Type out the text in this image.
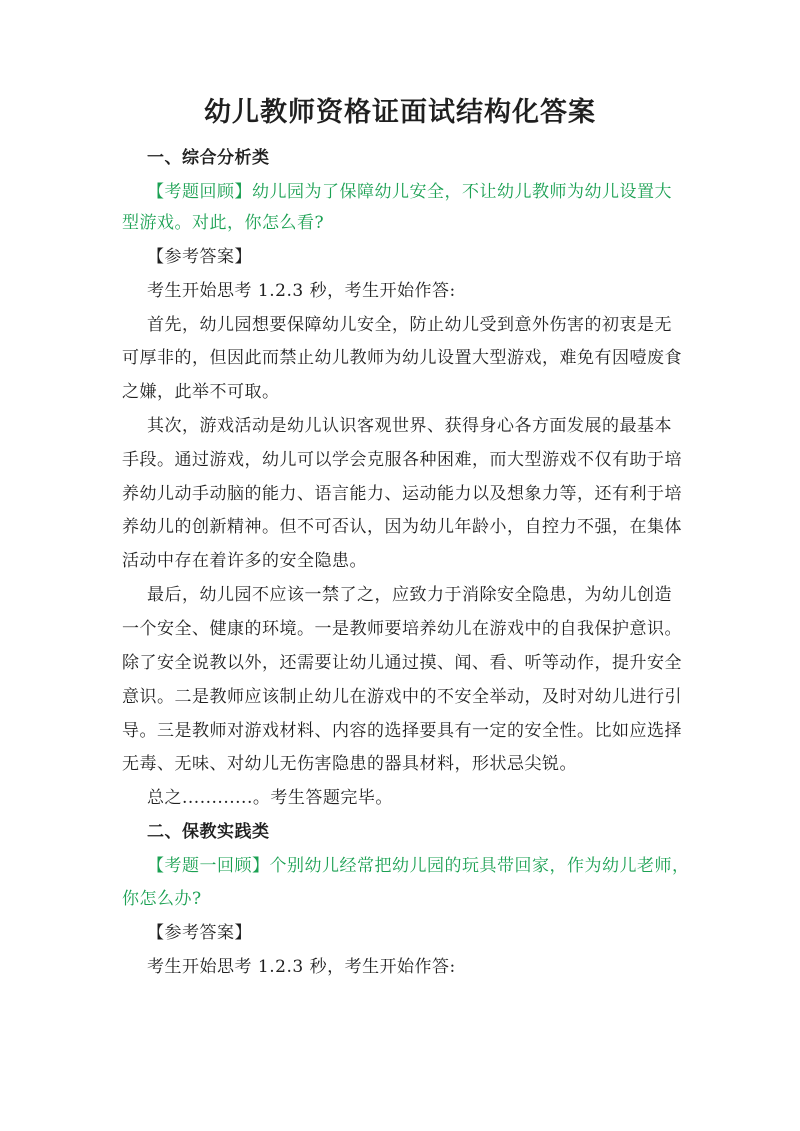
幼儿教师资格证面试结构化答案
一、综合分析类
【考题回顾】幼儿园为了保障幼儿安全，不让幼儿教师为幼儿设置大
型游戏。对此，你怎么看?
【参考答案】
考生开始思考 1.2.3 秒，考生开始作答:
首先，幼儿园想要保障幼儿安全，防止幼儿受到意外伤害的初衷是无
可厚非的，但因此而禁止幼儿教师为幼儿设置大型游戏，难免有因噎废食
之嫌，此举不可取。
其次，游戏活动是幼儿认识客观世界、获得身心各方面发展的最基本
手段。通过游戏，幼儿可以学会克服各种困难，而大型游戏不仅有助于培
养幼儿动手动脑的能力、语言能力、运动能力以及想象力等，还有利于培
养幼儿的创新精神。但不可否认，因为幼儿年龄小，自控力不强，在集体
活动中存在着许多的安全隐患。
最后，幼儿园不应该一禁了之，应致力于消除安全隐患，为幼儿创造
一个安全、健康的环境。一是教师要培养幼儿在游戏中的自我保护意识。
除了安全说教以外，还需要让幼儿通过摸、闻、看、听等动作，提升安全
意识。二是教师应该制止幼儿在游戏中的不安全举动，及时对幼儿进行引
导。三是教师对游戏材料、内容的选择要具有一定的安全性。比如应选择
无毒、无味、对幼儿无伤害隐患的器具材料，形状忌尖锐。
总之............。考生答题完毕。
二、保教实践类
【考题一回顾】个别幼儿经常把幼儿园的玩具带回家，作为幼儿老师，
你怎么办?
【参考答案】
考生开始思考 1.2.3 秒，考生开始作答:
